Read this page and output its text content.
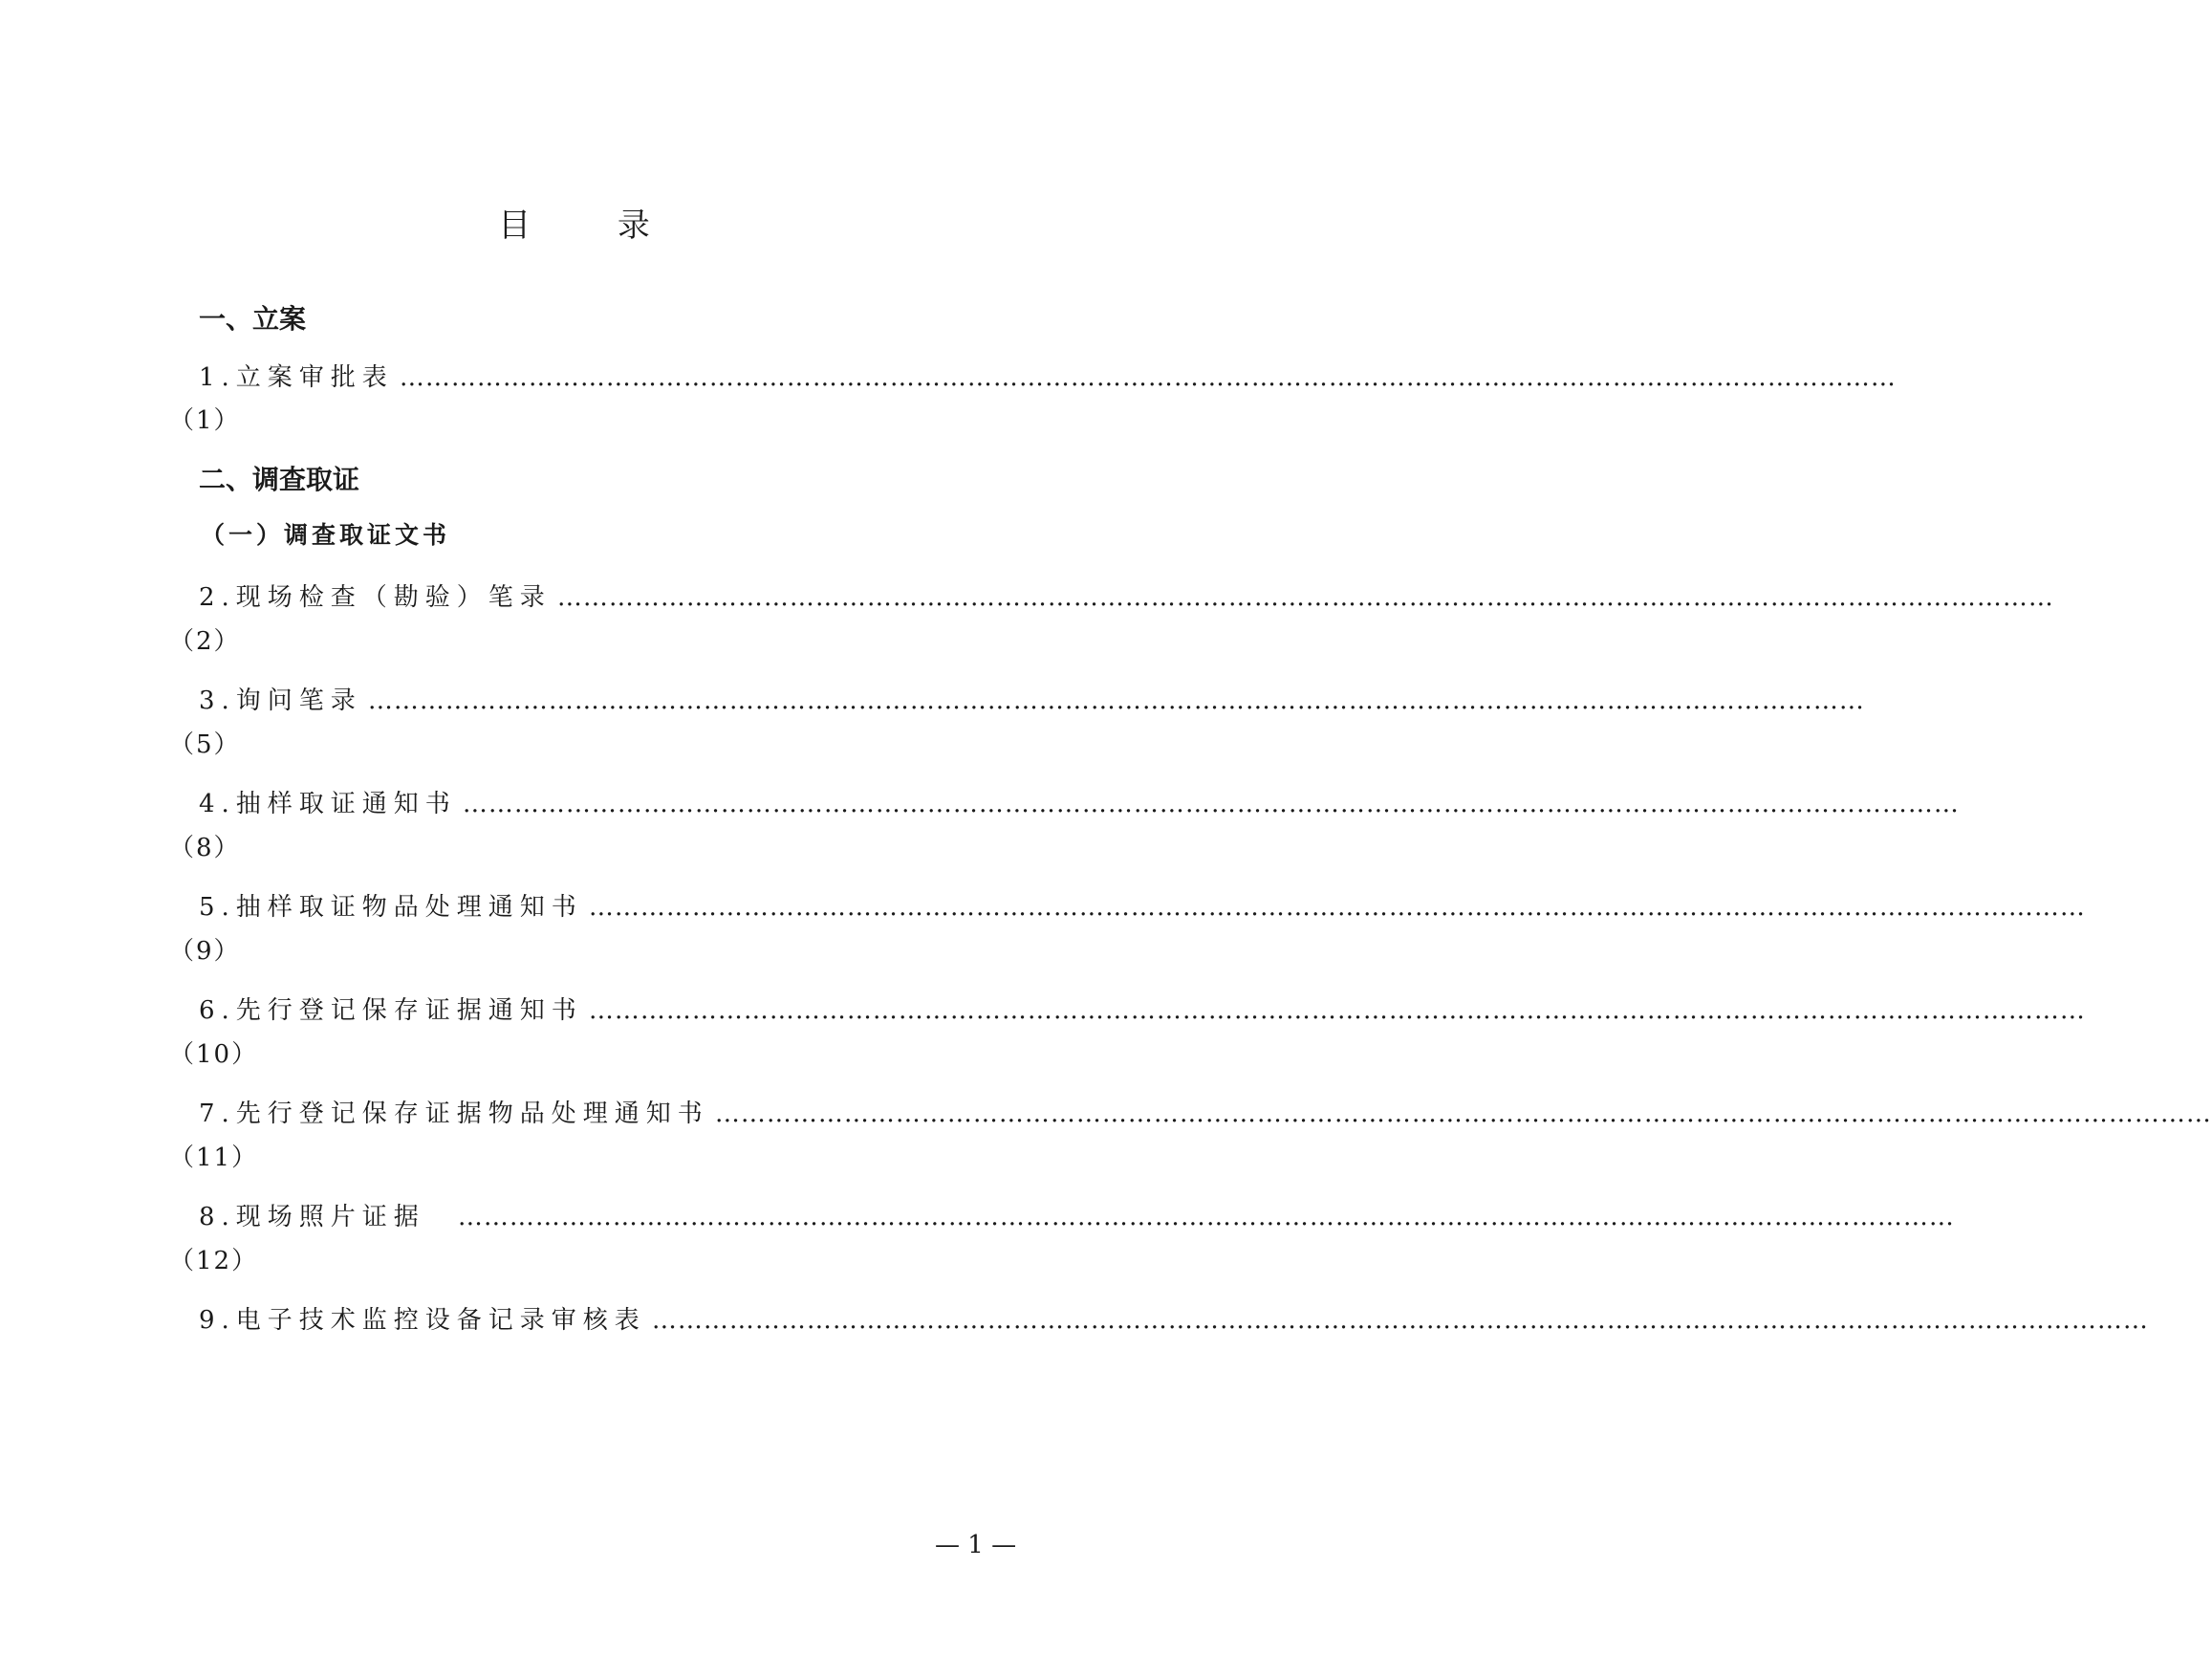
目 录
一、立案
1.立案审批表 …………………………………………………………………………………………………………………………………………………………
（1）
二、调查取证
（一）调查取证文书
2.现场检查（勘验）笔录 …………………………………………………………………………………………………………………………………………………………
（2）
3.询问笔录 …………………………………………………………………………………………………………………………………………………………
（5）
4.抽样取证通知书 …………………………………………………………………………………………………………………………………………………………
（8）
5.抽样取证物品处理通知书 …………………………………………………………………………………………………………………………………………………………
（9）
6.先行登记保存证据通知书 …………………………………………………………………………………………………………………………………………………………
（10）
7.先行登记保存证据物品处理通知书 …………………………………………………………………………………………………………………………………………………………
（11）
8.现场照片证据 …………………………………………………………………………………………………………………………………………………………
（12）
9.电子技术监控设备记录审核表 …………………………………………………………………………………………………………………………………………………………
— 1 —
